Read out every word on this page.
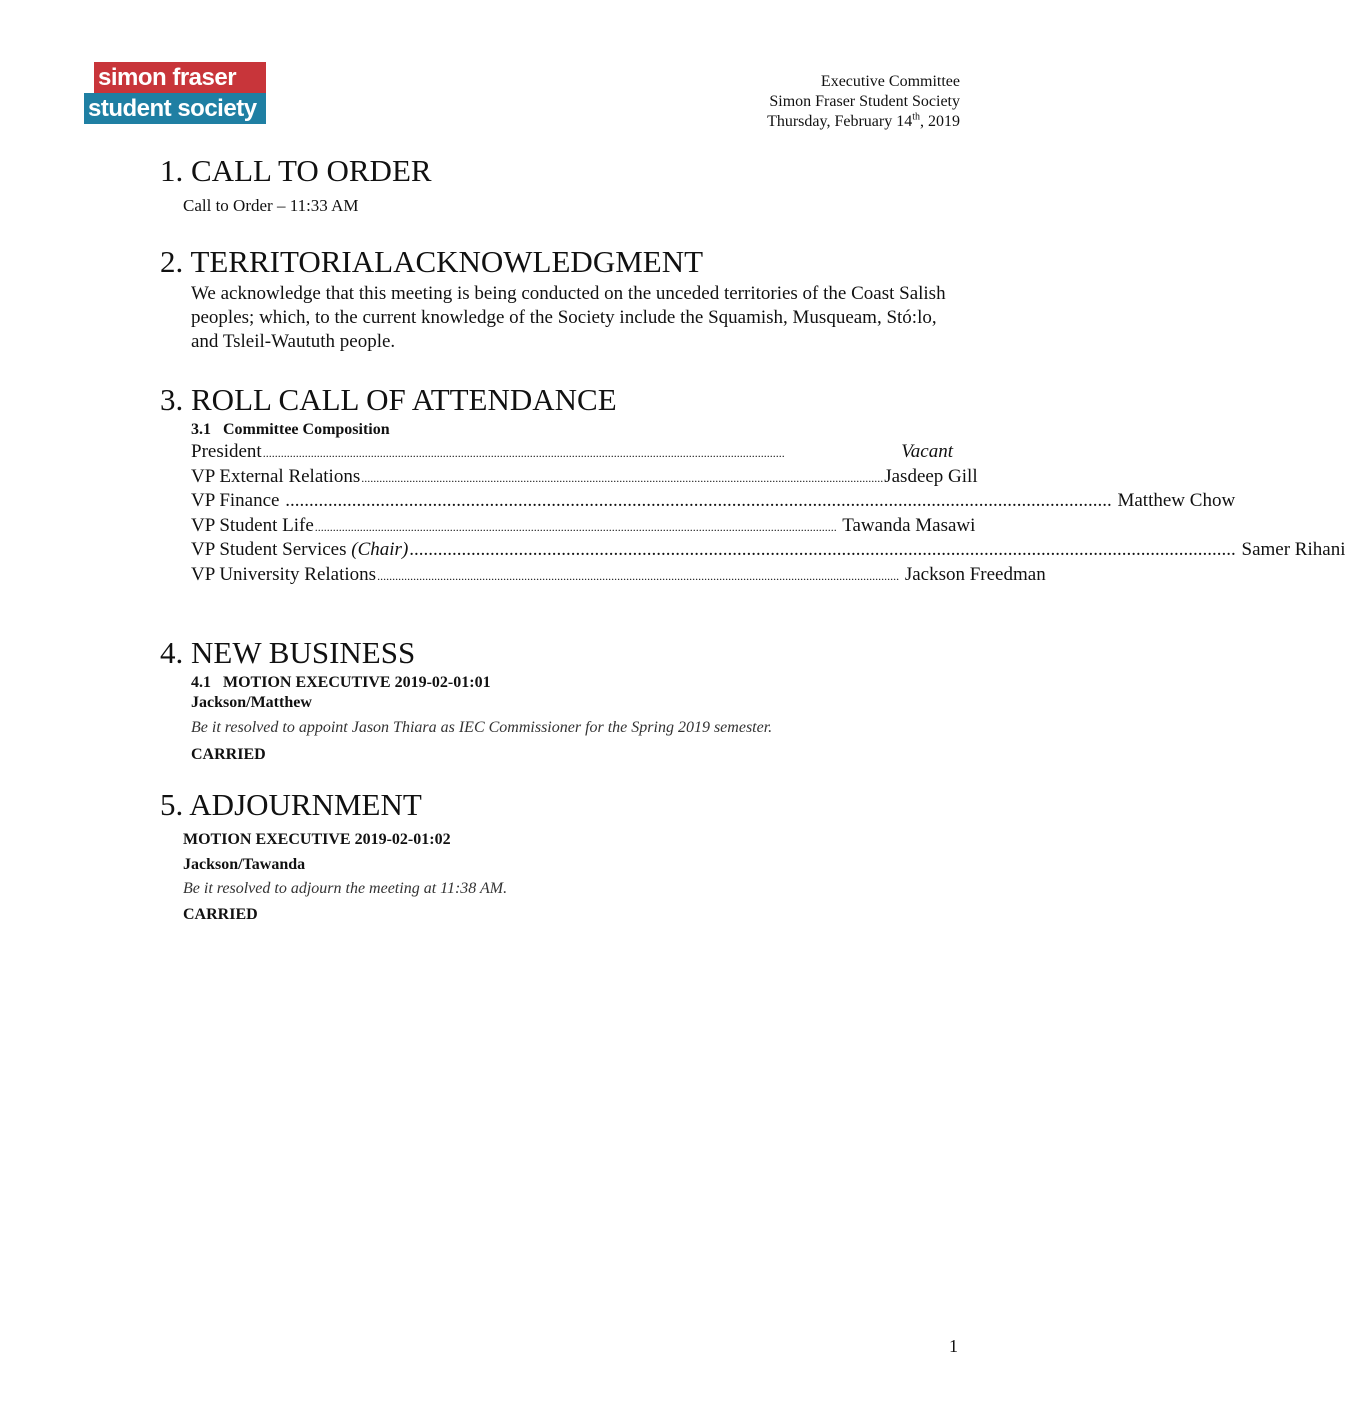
simon fraser
student society
Executive Committee
Simon Fraser Student Society
Thursday, February 14th, 2019
1. CALL TO ORDER
Call to Order – 11:33 AM
2. TERRITORIALACKNOWLEDGMENT
We acknowledge that this meeting is being conducted on the unceded territories of the Coast Salish peoples; which, to the current knowledge of the Society include the Squamish, Musqueam, Stó:lo, and Tsleil-Waututh people.
3. ROLL CALL OF ATTENDANCE
3.1   Committee Composition
President ..............................................................................................................................................................................	Vacant
VP External Relations .............................................................................................................................................................................. Jasdeep Gill
VP Finance .............................................................................................................................................................................. Matthew Chow
VP Student Life .............................................................................................................................................................................. Tawanda Masawi
VP Student Services (Chair) .............................................................................................................................................................................. Samer Rihani
VP University Relations .............................................................................................................................................................................. Jackson Freedman
4. NEW BUSINESS
4.1   MOTION EXECUTIVE 2019-02-01:01
Jackson/Matthew
Be it resolved to appoint Jason Thiara as IEC Commissioner for the Spring 2019 semester.
CARRIED
5. ADJOURNMENT
MOTION EXECUTIVE 2019-02-01:02
Jackson/Tawanda
Be it resolved to adjourn the meeting at 11:38 AM.
CARRIED
1
